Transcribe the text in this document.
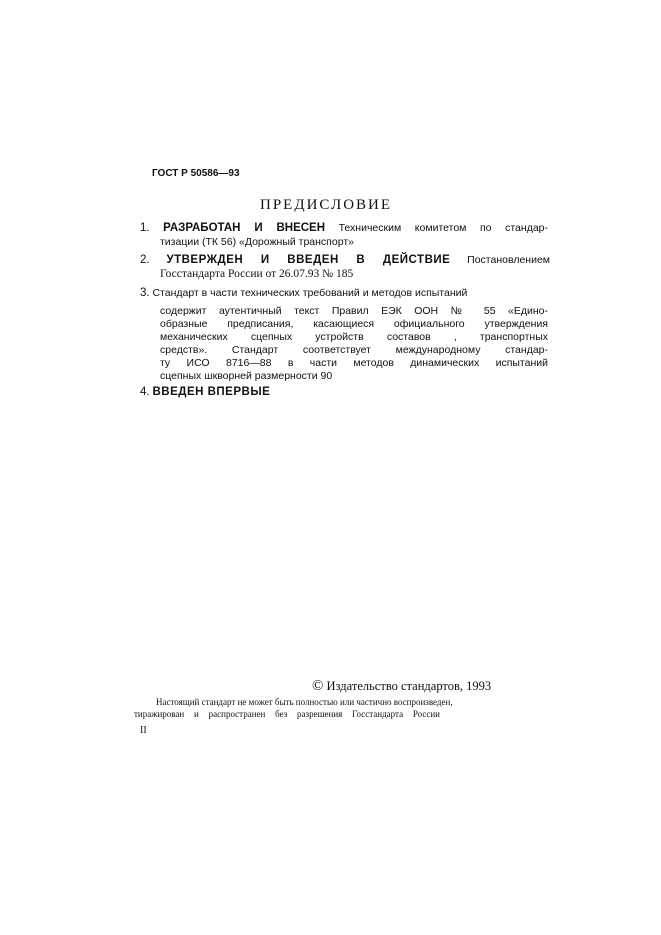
ГОСТ Р 50586—93
ПРЕДИСЛОВИЕ
1. РАЗРАБОТАН И ВНЕСЕН Техническим комитетом по стандар-
тизации (ТК 56) «Дорожный транспорт»
2. УТВЕРЖДЕН И ВВЕДЕН В ДЕЙСТВИЕ Постановлением
Госстандарта России от 26.07.93 № 185
3. Стандарт в части технических требований и методов испытаний
содержит аутентичный текст Правил ЕЭК ООН № 55 «Едино-
образные предписания, касающиеся официального утверждения
механических сцепных устройств составов , транспортных
средств». Стандарт соответствует международному стандар-
ту ИСО 8716—88 в части методов динамических испытаний
сцепных шкворней размерности 90
4. ВВЕДЕН ВПЕРВЫЕ
© Издательство стандартов, 1993
Настоящий стандарт не может быть полностью или частично воспроизведен,
тиражирован и распространен без разрешения Госстандарта России
II
